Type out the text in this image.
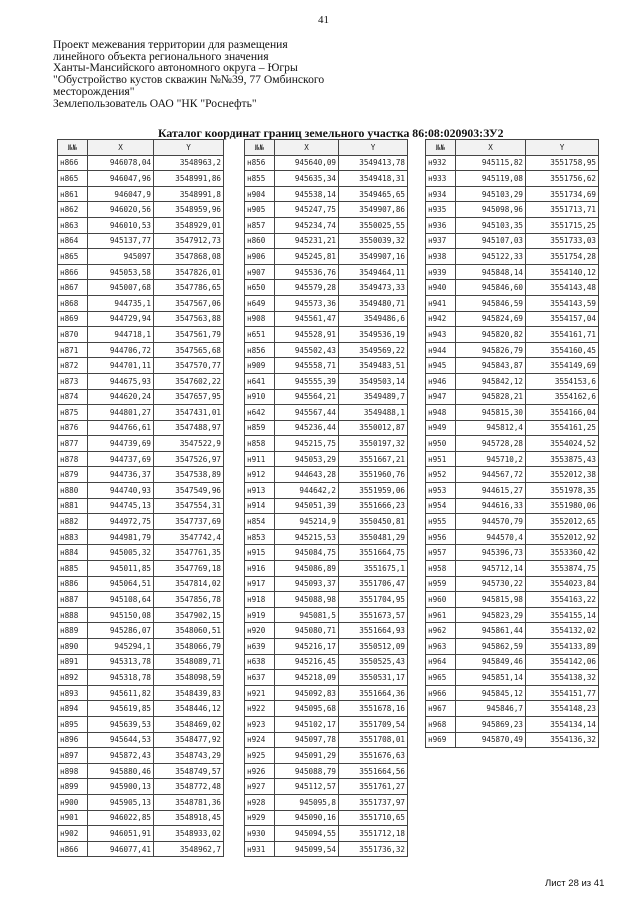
41
Проект межевания территории для размещения
линейного объекта регионального значения
Ханты-Мансийского автономного округа – Югры
"Обустройство кустов скважин №№39, 77 Омбинского
месторождения"
Землепользователь ОАО "НК "Роснефть"
Каталог координат границ земельного участка 86:08:020903:ЗУ2
№№	X	Y
н866	946078,04	3548963,2
н865	946047,96	3548991,86
н861	946047,9	3548991,8
н862	946020,56	3548959,96
н863	946010,53	3548929,01
н864	945137,77	3547912,73
н865	945097	3547868,08
н866	945053,58	3547826,01
н867	945007,68	3547786,65
н868	944735,1	3547567,06
н869	944729,94	3547563,88
н870	944718,1	3547561,79
н871	944706,72	3547565,68
н872	944701,11	3547570,77
н873	944675,93	3547602,22
н874	944620,24	3547657,95
н875	944801,27	3547431,01
н876	944766,61	3547488,97
н877	944739,69	3547522,9
н878	944737,69	3547526,97
н879	944736,37	3547538,89
н880	944740,93	3547549,96
н881	944745,13	3547554,31
н882	944972,75	3547737,69
н883	944981,79	3547742,4
н884	945005,32	3547761,35
н885	945011,85	3547769,18
н886	945064,51	3547814,02
н887	945108,64	3547856,78
н888	945150,08	3547902,15
н889	945286,07	3548060,51
н890	945294,1	3548066,79
н891	945313,78	3548089,71
н892	945318,78	3548098,59
н893	945611,82	3548439,83
н894	945619,85	3548446,12
н895	945639,53	3548469,02
н896	945644,53	3548477,92
н897	945872,43	3548743,29
н898	945880,46	3548749,57
н899	945900,13	3548772,48
н900	945905,13	3548781,36
н901	946022,85	3548918,45
н902	946051,91	3548933,02
н866	946077,41	3548962,7
№№	X	Y
н856	945640,09	3549413,78
н855	945635,34	3549418,31
н904	945538,14	3549465,65
н905	945247,75	3549907,86
н857	945234,74	3550025,55
н860	945231,21	3550039,32
н906	945245,81	3549907,16
н907	945536,76	3549464,11
н650	945579,28	3549473,33
н649	945573,36	3549480,71
н908	945561,47	3549486,6
н651	945528,91	3549536,19
н856	945502,43	3549569,22
н909	945558,71	3549483,51
н641	945555,39	3549503,14
н910	945564,21	3549489,7
н642	945567,44	3549488,1
н859	945236,44	3550012,87
н858	945215,75	3550197,32
н911	945053,29	3551667,21
н912	944643,28	3551960,76
н913	944642,2	3551959,06
н914	945051,39	3551666,23
н854	945214,9	3550450,81
н853	945215,53	3550481,29
н915	945084,75	3551664,75
н916	945086,89	3551675,1
н917	945093,37	3551706,47
н918	945088,98	3551704,95
н919	945081,5	3551673,57
н920	945080,71	3551664,93
н639	945216,17	3550512,09
н638	945216,45	3550525,43
н637	945218,09	3550531,17
н921	945092,83	3551664,36
н922	945095,68	3551678,16
н923	945102,17	3551709,54
н924	945097,78	3551708,01
н925	945091,29	3551676,63
н926	945088,79	3551664,56
н927	945112,57	3551761,27
н928	945095,8	3551737,97
н929	945090,16	3551710,65
н930	945094,55	3551712,18
н931	945099,54	3551736,32
№№	X	Y
н932	945115,82	3551758,95
н933	945119,08	3551756,62
н934	945103,29	3551734,69
н935	945098,96	3551713,71
н936	945103,35	3551715,25
н937	945107,03	3551733,03
н938	945122,33	3551754,28
н939	945848,14	3554140,12
н940	945846,60	3554143,48
н941	945846,59	3554143,59
н942	945824,69	3554157,04
н943	945820,82	3554161,71
н944	945826,79	3554160,45
н945	945843,87	3554149,69
н946	945842,12	3554153,6
н947	945828,21	3554162,6
н948	945815,30	3554166,04
н949	945812,4	3554161,25
н950	945728,28	3554024,52
н951	945710,2	3553875,43
н952	944567,72	3552012,38
н953	944615,27	3551978,35
н954	944616,33	3551980,06
н955	944570,79	3552012,65
н956	944570,4	3552012,92
н957	945396,73	3553360,42
н958	945712,14	3553874,75
н959	945730,22	3554023,84
н960	945815,98	3554163,22
н961	945823,29	3554155,14
н962	945861,44	3554132,02
н963	945862,59	3554133,89
н964	945849,46	3554142,06
н965	945851,14	3554138,32
н966	945845,12	3554151,77
н967	945846,7	3554148,23
н968	945869,23	3554134,14
н969	945870,49	3554136,32
Лист 28 из 41
